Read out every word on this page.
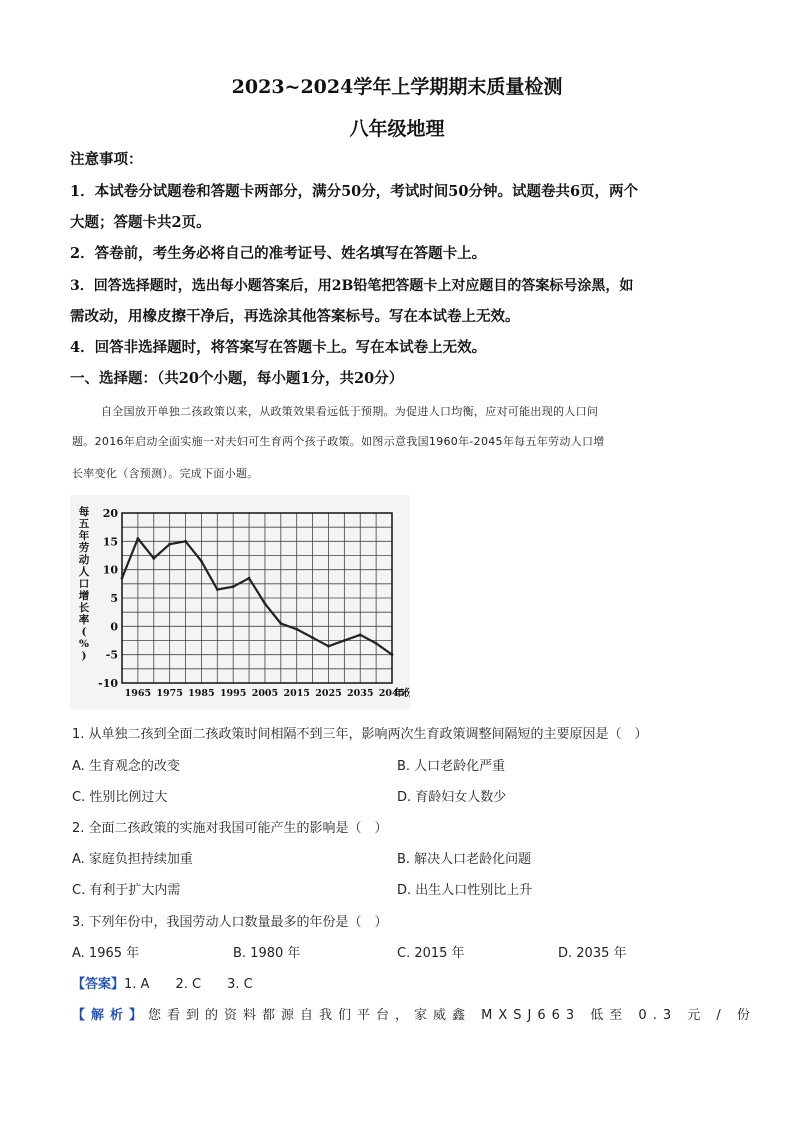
2023~2024学年上学期期末质量检测
八年级地理
注意事项：
1．本试卷分试题卷和答题卡两部分，满分50分，考试时间50分钟。试题卷共6页，两个
大题；答题卡共2页。
2．答卷前，考生务必将自己的准考证号、姓名填写在答题卡上。
3．回答选择题时，选出每小题答案后，用2B铅笔把答题卡上对应题目的答案标号涂黑，如
需改动，用橡皮擦干净后，再选涂其他答案标号。写在本试卷上无效。
4．回答非选择题时，将答案写在答题卡上。写在本试卷上无效。
一、选择题：（共20个小题，每小题1分，共20分）
自全国放开单独二孩政策以来，从政策效果看远低于预期。为促进人口均衡，应对可能出现的人口问
题。2016年启动全面实施一对夫妇可生育两个孩子政策。如图示意我国1960年-2045年每五年劳动人口增
长率变化（含预测）。完成下面小题。
20
15
10
5
0
-5
-10
1965 1975 1985 1995 2005 2015 2025 2035 2045
年份
每五年劳动人口增长率( % )
1. 从单独二孩到全面二孩政策时间相隔不到三年，影响两次生育政策调整间隔短的主要原因是（　）
A. 生育观念的改变	B. 人口老龄化严重
C. 性别比例过大	D. 育龄妇女人数少
2. 全面二孩政策的实施对我国可能产生的影响是（　）
A. 家庭负担持续加重	B. 解决人口老龄化问题
C. 有利于扩大内需	D. 出生人口性别比上升
3. 下列年份中，我国劳动人口数量最多的年份是（　）
A. 1965 年	B. 1980 年	C. 2015 年	D. 2035 年
【答案】1. A　　2. C　　3. C
【解析】您看到的资料都源自我们平台，家威鑫 MXSJ663 低至 0.3 元 / 份
